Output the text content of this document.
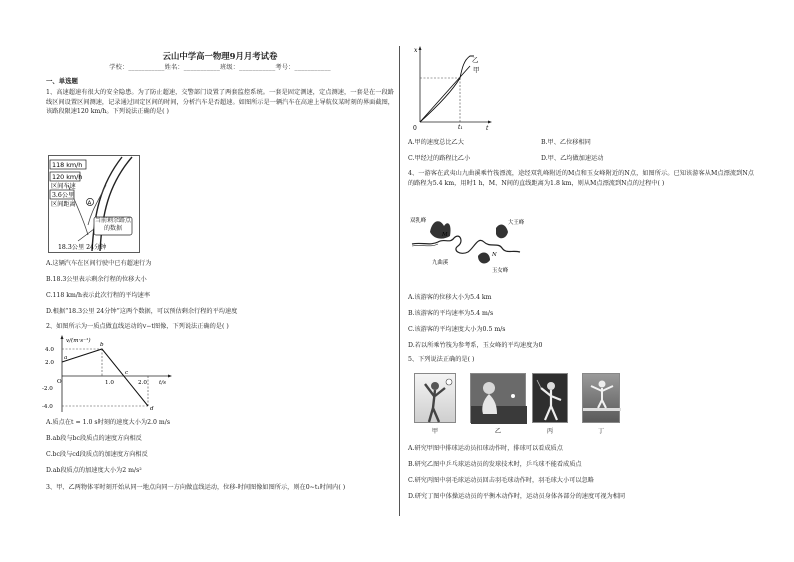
云山中学高一物理9月月考试卷
学校：___________姓名：___________班级：___________考号：___________
一、单选题
1、高速超速有很大的安全隐患。为了防止超速，交警部门设置了两套监控系统。一套是固定测速，定点测速，一套是在一段路线区间设置区间测速，记录通过固定区间的时间，分析汽车是否超速。如图所示是一辆汽车在高速上导航仪某时刻的界面截图，该路段限速120 km/h。下列说法正确的是( )
118 km/h
120 km/h
区间车速
3.6公里
区间距离 A
当前剩余路点的数据
18.3公里 24分钟
A.这辆汽车在区间行驶中已有超速行为
B.18.3公里表示剩余行程的位移大小
C.118 km/h表示此次行程的平均速率
D.根据“18.3公里 24分钟”这两个数据，可以预估剩余行程的平均速度
2、如图所示为一质点做直线运动的v−t图像，下列说法正确的是( )
v/(m·s⁻¹)
t/s
4.0
2.0
-2.0
-4.0
O
a
b
c
d
1.0	2.0
A.质点在t = 1.0 s时刻的速度大小为2.0 m/s
B.ab段与bc段质点的速度方向相反
C.bc段与cd段质点的加速度方向相反
D.ab段质点的加速度大小为2 m/s²
3、甲、乙两物体零时刻开始从同一地点向同一方向做直线运动，位移-时间图像如图所示，则在0~t₁时间内( )
x
t
0
乙
甲
t₁
A.甲的速度总比乙大	B.甲、乙位移相同
C.甲经过的路程比乙小	D.甲、乙均做加速运动
4、一游客在武夷山九曲溪乘竹筏漂流，途经双乳峰附近的M点和玉女峰附近的N点，如图所示。已知该游客从M点漂流到N点的路程为5.4 km，用时1 h，M、N间的直线距离为1.8 km，则从M点漂流到N点的过程中( )
双乳峰	大王峰
玉女峰
九曲溪
M
N
A.该游客的位移大小为5.4 km
B.该游客的平均速率为5.4 m/s
C.该游客的平均速度大小为0.5 m/s
D.若以所乘竹筏为参考系，玉女峰的平均速度为0
5、下列说法正确的是( )
甲	乙	丙	丁
A.研究甲图中排球运动员扣球动作时，排球可以看成质点
B.研究乙图中乒乓球运动员的发球技术时，乒乓球不能看成质点
C.研究丙图中羽毛球运动员回击羽毛球动作时，羽毛球大小可以忽略
D.研究丁图中体操运动员的平衡木动作时，运动员身体各部分的速度可视为相同
